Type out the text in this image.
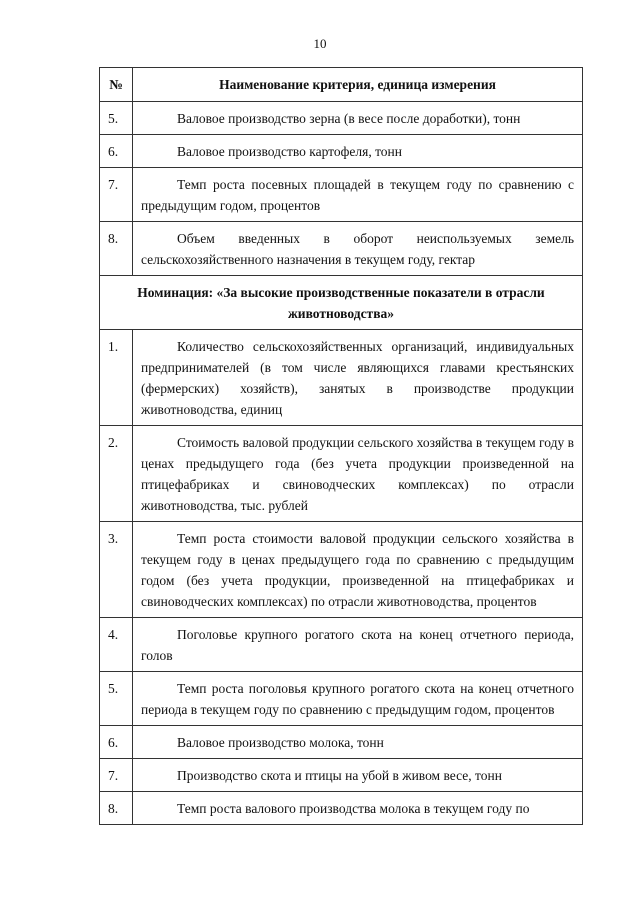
10
№	Наименование критерия, единица измерения
5.	Валовое производство зерна (в весе после доработки), тонн
6.	Валовое производство картофеля, тонн
7.	Темп роста посевных площадей в текущем году по сравнению с предыдущим годом, процентов
8.	Объем введенных в оборот неиспользуемых земель сельскохозяйственного назначения в текущем году, гектар
Номинация: «За высокие производственные показатели в отрасли животноводства»	
1.	Количество сельскохозяйственных организаций, индивидуальных предпринимателей (в том числе являющихся главами крестьянских (фермерских) хозяйств), занятых в производстве продукции животноводства, единиц
2.	Стоимость валовой продукции сельского хозяйства в текущем году в ценах предыдущего года (без учета продукции произведенной на птицефабриках и свиноводческих комплексах) по отрасли животноводства, тыс. рублей
3.	Темп роста стоимости валовой продукции сельского хозяйства в текущем году в ценах предыдущего года по сравнению с предыдущим годом (без учета продукции, произведенной на птицефабриках и свиноводческих комплексах) по отрасли животноводства, процентов
4.	Поголовье крупного рогатого скота на конец отчетного периода, голов
5.	Темп роста поголовья крупного рогатого скота на конец отчетного периода в текущем году по сравнению с предыдущим годом, процентов
6.	Валовое производство молока, тонн
7.	Производство скота и птицы на убой в живом весе, тонн
8.	Темп роста валового производства молока в текущем году по
